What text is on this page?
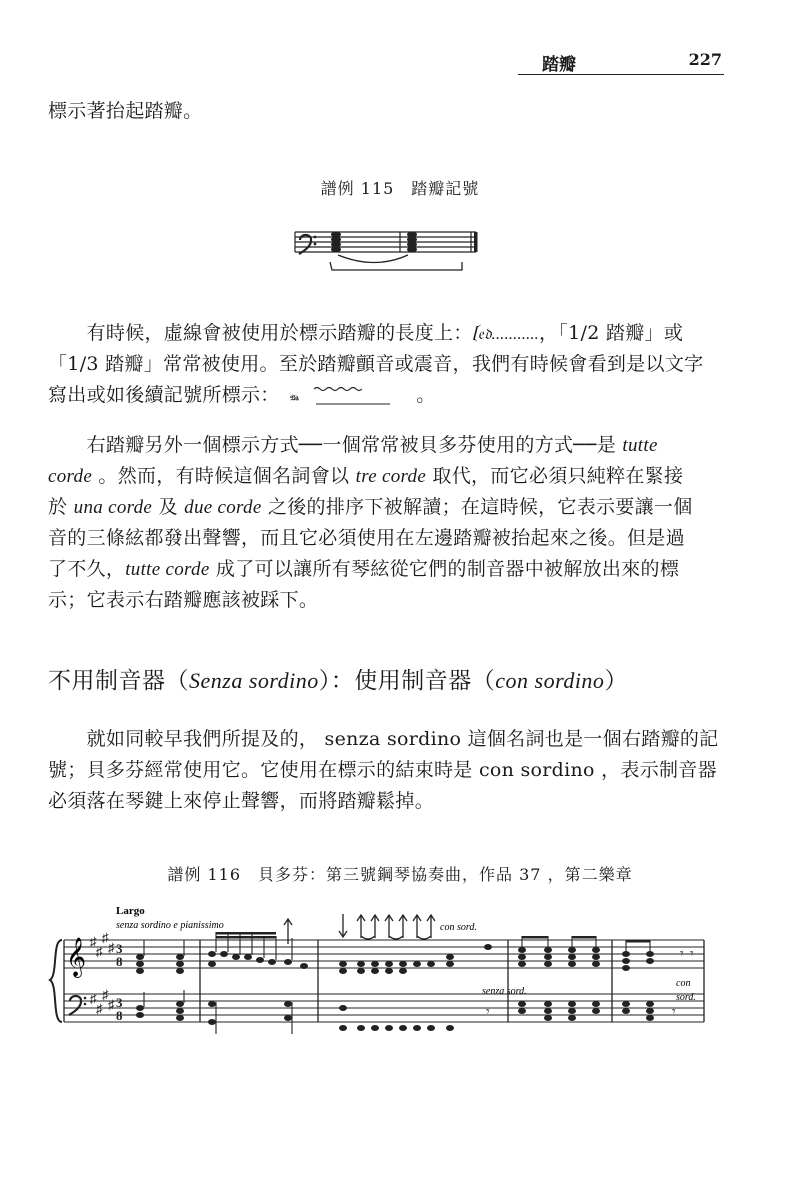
踏瓣	227
標示著抬起踏瓣。
譜例 115　踏瓣記號
　　有時候，虛線會被使用於標示踏瓣的長度上：𝄕𝔢𝔡...........，「1/2 踏瓣」或
「1/3 踏瓣」常常被使用。至於踏瓣顫音或震音，我們有時候會看到是以文字
寫出或如後續記號所標示： 𝆮	。
　　右踏瓣另外一個標示方式──一個常常被貝多芬使用的方式──是 tutte
corde 。然而，有時候這個名詞會以 tre corde 取代，而它必須只純粹在緊接
於 una corde 及 due corde 之後的排序下被解讀；在這時候，它表示要讓一個
音的三條絃都發出聲響，而且它必須使用在左邊踏瓣被抬起來之後。但是過
了不久，tutte corde 成了可以讓所有琴絃從它們的制音器中被解放出來的標
示；它表示右踏瓣應該被踩下。
不用制音器（Senza sordino）：使用制音器（con sordino）
　　就如同較早我們所提及的， senza sordino 這個名詞也是一個右踏瓣的記
號；貝多芬經常使用它。它使用在標示的結束時是 con sordino ，表示制音器
必須落在琴鍵上來停止聲響，而將踏瓣鬆掉。
譜例 116　貝多芬：第三號鋼琴協奏曲，作品 37 ，第二樂章
Largo
senza sordino e pianissimo	con sord.
senza sord.
con
sord.
𝄞 ♯
♯
♯
♯
♯
♯
♯
♯
3
8
3
8	𝄾
𝄾 𝄾
𝄾
